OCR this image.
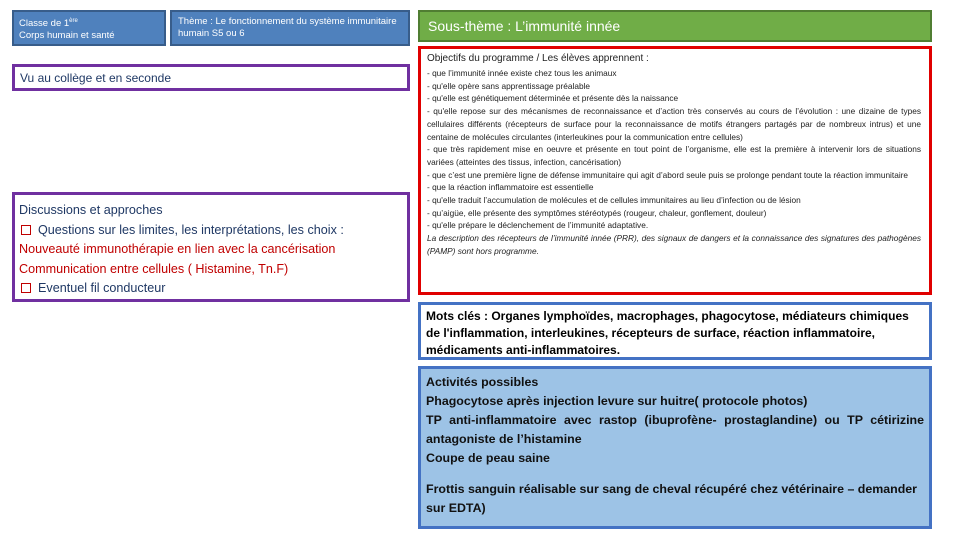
Classe de 1ère
Corps humain et santé
Thème : Le fonctionnement du système immunitaire humain S5 ou 6	Sous-thème : L’immunité innée
Vu au collège et en seconde
Discussions et approches
Questions sur les limites, les interprétations, les choix :
Nouveauté immunothérapie en lien avec la cancérisation
Communication entre cellules ( Histamine, Tn.F)
Eventuel fil conducteur
Objectifs du programme / Les élèves apprennent :
- que l’immunité innée existe chez tous les animaux
- qu'elle opère sans apprentissage préalable
- qu'elle est génétiquement déterminée et présente dès la naissance
- qu'elle repose sur des mécanismes de reconnaissance et d’action très conservés au cours de l’évolution : une dizaine de types cellulaires différents (récepteurs de surface pour la reconnaissance de motifs étrangers partagés par de nombreux intrus) et une centaine de molécules circulantes (interleukines pour la communication entre cellules)
- que très rapidement mise en oeuvre et présente en tout point de l’organisme, elle est la première à intervenir lors de situations variées (atteintes des tissus, infection, cancérisation)
- que c’est une première ligne de défense immunitaire qui agit d’abord seule puis se prolonge pendant toute la réaction immunitaire
- que la réaction inflammatoire est essentielle
- qu'elle traduit l’accumulation de molécules et de cellules immunitaires au lieu d’infection ou de lésion
- qu’aigüe, elle présente des symptômes stéréotypés (rougeur, chaleur, gonflement, douleur)
- qu'elle prépare le déclenchement de l’immunité adaptative.
La description des récepteurs de l’immunité innée (PRR), des signaux de dangers et la connaissance des signatures des pathogènes (PAMP) sont hors programme.
Mots clés : Organes lymphoïdes, macrophages, phagocytose, médiateurs chimiques de l'inflammation, interleukines, récepteurs de surface, réaction inflammatoire, médicaments anti-inflammatoires.
Activités possibles
Phagocytose après injection levure sur huitre( protocole photos)
TP anti-inflammatoire avec rastop (ibuprofène- prostaglandine) ou TP cétirizine antagoniste de l’histamine
Coupe de peau saine
Frottis sanguin réalisable sur sang de cheval récupéré chez vétérinaire – demander sur EDTA)
